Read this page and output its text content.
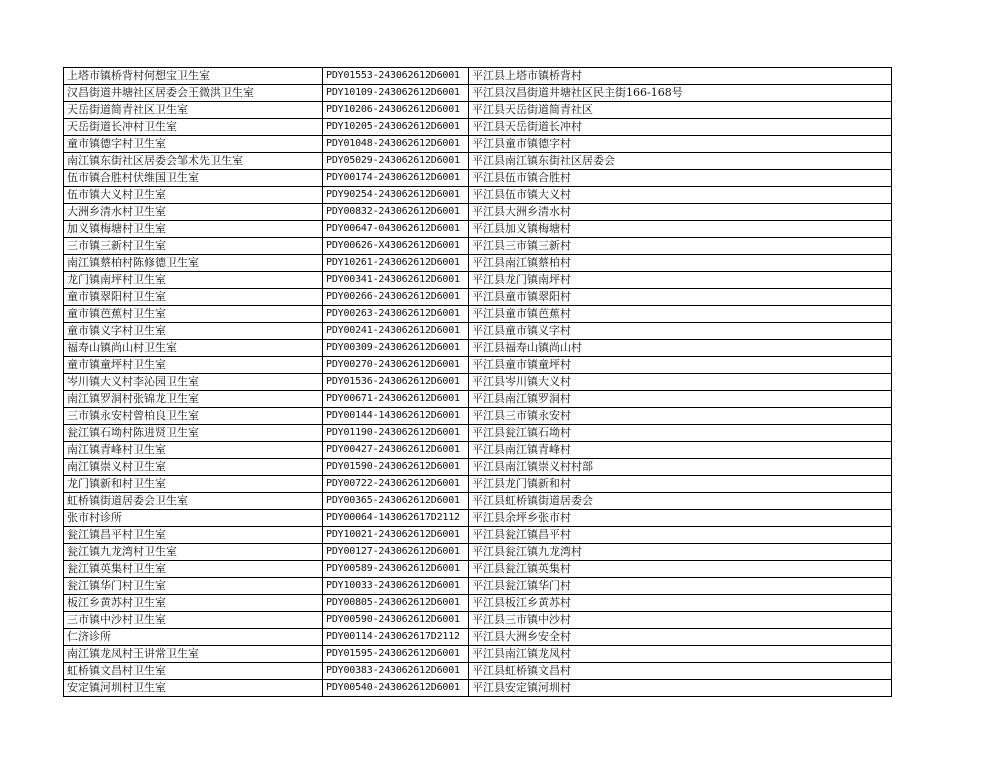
上塔市镇桥背村何想宝卫生室	PDY01553-243062612D6001	平江县上塔市镇桥背村
汉昌街道井塘社区居委会王微洪卫生室	PDY10109-243062612D6001	平江县汉昌街道井塘社区民主街166-168号
天岳街道简青社区卫生室	PDY10206-243062612D6001	平江县天岳街道简青社区
天岳街道长冲村卫生室	PDY10205-243062612D6001	平江县天岳街道长冲村
童市镇德字村卫生室	PDY01048-243062612D6001	平江县童市镇德字村
南江镇东街社区居委会邹术先卫生室	PDY05029-243062612D6001	平江县南江镇东街社区居委会
伍市镇合胜村伏维国卫生室	PDY00174-243062612D6001	平江县伍市镇合胜村
伍市镇大义村卫生室	PDY90254-243062612D6001	平江县伍市镇大义村
大洲乡清水村卫生室	PDY00832-243062612D6001	平江县大洲乡清水村
加义镇梅塘村卫生室	PDY00647-043062612D6001	平江县加义镇梅塘村
三市镇三新村卫生室	PDY00626-X43062612D6001	平江县三市镇三新村
南江镇蔡柏村陈修德卫生室	PDY10261-243062612D6001	平江县南江镇蔡柏村
龙门镇南坪村卫生室	PDY00341-243062612D6001	平江县龙门镇南坪村
童市镇翠阳村卫生室	PDY00266-243062612D6001	平江县童市镇翠阳村
童市镇芭蕉村卫生室	PDY00263-243062612D6001	平江县童市镇芭蕉村
童市镇义字村卫生室	PDY00241-243062612D6001	平江县童市镇义字村
福寿山镇尚山村卫生室	PDY00309-243062612D6001	平江县福寿山镇尚山村
童市镇童坪村卫生室	PDY00270-243062612D6001	平江县童市镇童坪村
岑川镇大义村李沁园卫生室	PDY01536-243062612D6001	平江县岑川镇大义村
南江镇罗洞村张锦龙卫生室	PDY00671-243062612D6001	平江县南江镇罗洞村
三市镇永安村曾柏良卫生室	PDY00144-143062612D6001	平江县三市镇永安村
瓮江镇石坳村陈进贤卫生室	PDY01190-243062612D6001	平江县瓮江镇石坳村
南江镇青峰村卫生室	PDY00427-243062612D6001	平江县南江镇青峰村
南江镇崇义村卫生室	PDY01590-243062612D6001	平江县南江镇崇义村村部
龙门镇新和村卫生室	PDY00722-243062612D6001	平江县龙门镇新和村
虹桥镇街道居委会卫生室	PDY00365-243062612D6001	平江县虹桥镇街道居委会
张市村诊所	PDY00064-143062617D2112	平江县余坪乡张市村
瓮江镇昌平村卫生室	PDY10021-243062612D6001	平江县瓮江镇昌平村
瓮江镇九龙湾村卫生室	PDY00127-243062612D6001	平江县瓮江镇九龙湾村
瓮江镇英集村卫生室	PDY00589-243062612D6001	平江县瓮江镇英集村
瓮江镇华门村卫生室	PDY10033-243062612D6001	平江县瓮江镇华门村
板江乡黄苏村卫生室	PDY00805-243062612D6001	平江县板江乡黄苏村
三市镇中沙村卫生室	PDY00590-243062612D6001	平江县三市镇中沙村
仁济诊所	PDY00114-243062617D2112	平江县大洲乡安全村
南江镇龙凤村王讲常卫生室	PDY01595-243062612D6001	平江县南江镇龙凤村
虹桥镇文昌村卫生室	PDY00383-243062612D6001	平江县虹桥镇文昌村
安定镇河圳村卫生室	PDY00540-243062612D6001	平江县安定镇河圳村
